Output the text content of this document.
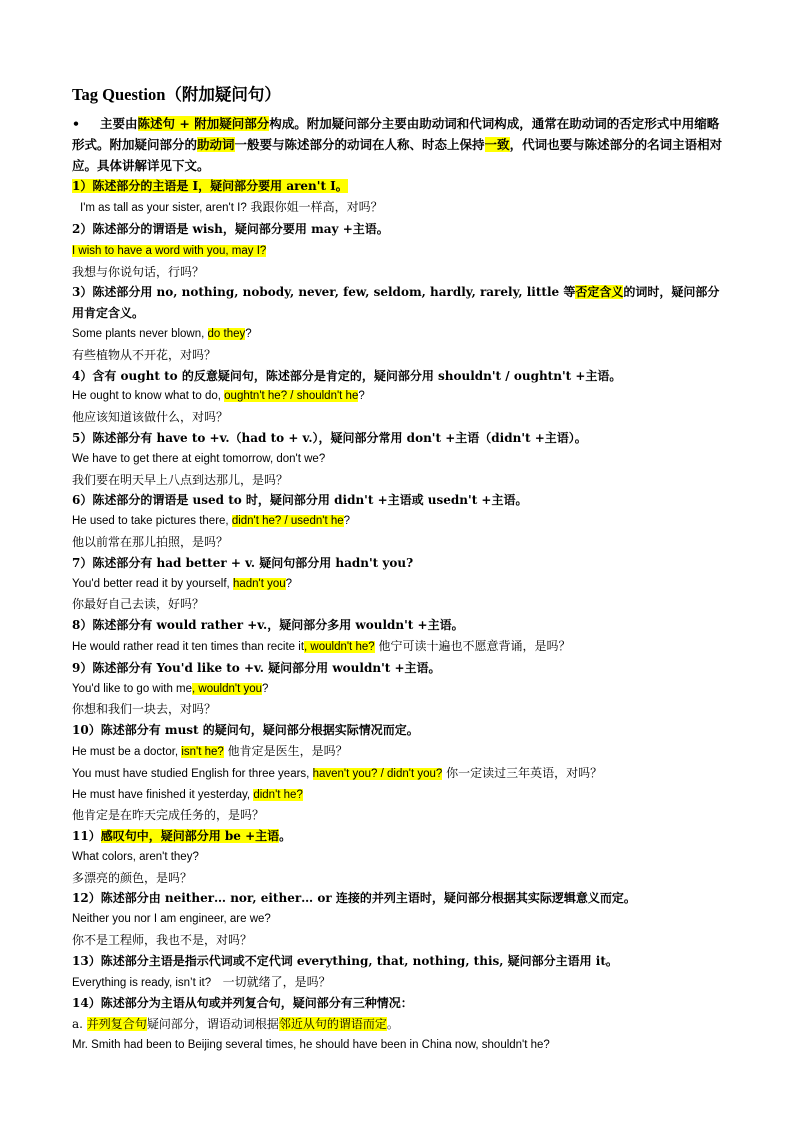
Tag Question（附加疑问句）
• 主要由陈述句 + 附加疑问部分构成。附加疑问部分主要由助动词和代词构成，通常在助动词的否定形式中用缩略形式。附加疑问部分的助动词一般要与陈述部分的动词在人称、时态上保持一致，代词也要与陈述部分的名词主语相对应。具体讲解详见下文。
1）陈述部分的主语是 I，疑问部分要用 aren't I。
I'm as tall as your sister, aren't I? 我跟你姐一样高，对吗？
2）陈述部分的谓语是 wish，疑问部分要用 may +主语。
I wish to have a word with you, may I?
我想与你说句话，行吗？
3）陈述部分用 no, nothing, nobody, never, few, seldom, hardly, rarely, little 等否定含义的词时，疑问部分用肯定含义。
Some plants never blown, do they?
有些植物从不开花，对吗？
4）含有 ought to 的反意疑问句，陈述部分是肯定的，疑问部分用 shouldn't / oughtn't +主语。
He ought to know what to do, oughtn't he? / shouldn't he?
他应该知道该做什么，对吗？
5）陈述部分有 have to +v.（had to + v.），疑问部分常用 don't +主语（didn't +主语）。
We have to get there at eight tomorrow, don't we?
我们要在明天早上八点到达那儿，是吗？
6）陈述部分的谓语是 used to 时，疑问部分用 didn't +主语或 usedn't +主语。
He used to take pictures there, didn't he? / usedn't he?
他以前常在那儿拍照，是吗？
7）陈述部分有 had better + v. 疑问句部分用 hadn't you?
You'd better read it by yourself, hadn't you?
你最好自己去读，好吗？
8）陈述部分有 would rather +v.，疑问部分多用 wouldn't +主语。
He would rather read it ten times than recite it, wouldn't he? 他宁可读十遍也不愿意背诵，是吗？
9）陈述部分有 You'd like to +v. 疑问部分用 wouldn't +主语。
You'd like to go with me, wouldn't you?
你想和我们一块去，对吗？
10）陈述部分有 must 的疑问句，疑问部分根据实际情况而定。
He must be a doctor, isn't he? 他肯定是医生，是吗？
You must have studied English for three years, haven't you? / didn't you? 你一定读过三年英语，对吗？
He must have finished it yesterday, didn't he?
他肯定是在昨天完成任务的，是吗？
11）感叹句中，疑问部分用 be +主语。
What colors, aren't they?
多漂亮的颜色，是吗？
12）陈述部分由 neither… nor, either… or 连接的并列主语时，疑问部分根据其实际逻辑意义而定。
Neither you nor I am engineer, are we?
你不是工程师，我也不是，对吗？
13）陈述部分主语是指示代词或不定代词 everything, that, nothing, this, 疑问部分主语用 it。
Everything is ready, isn’t it? 一切就绪了，是吗？
14）陈述部分为主语从句或并列复合句，疑问部分有三种情况：
a. 并列复合句疑问部分，谓语动词根据邻近从句的谓语而定。
Mr. Smith had been to Beijing several times, he should have been in China now, shouldn't he?
